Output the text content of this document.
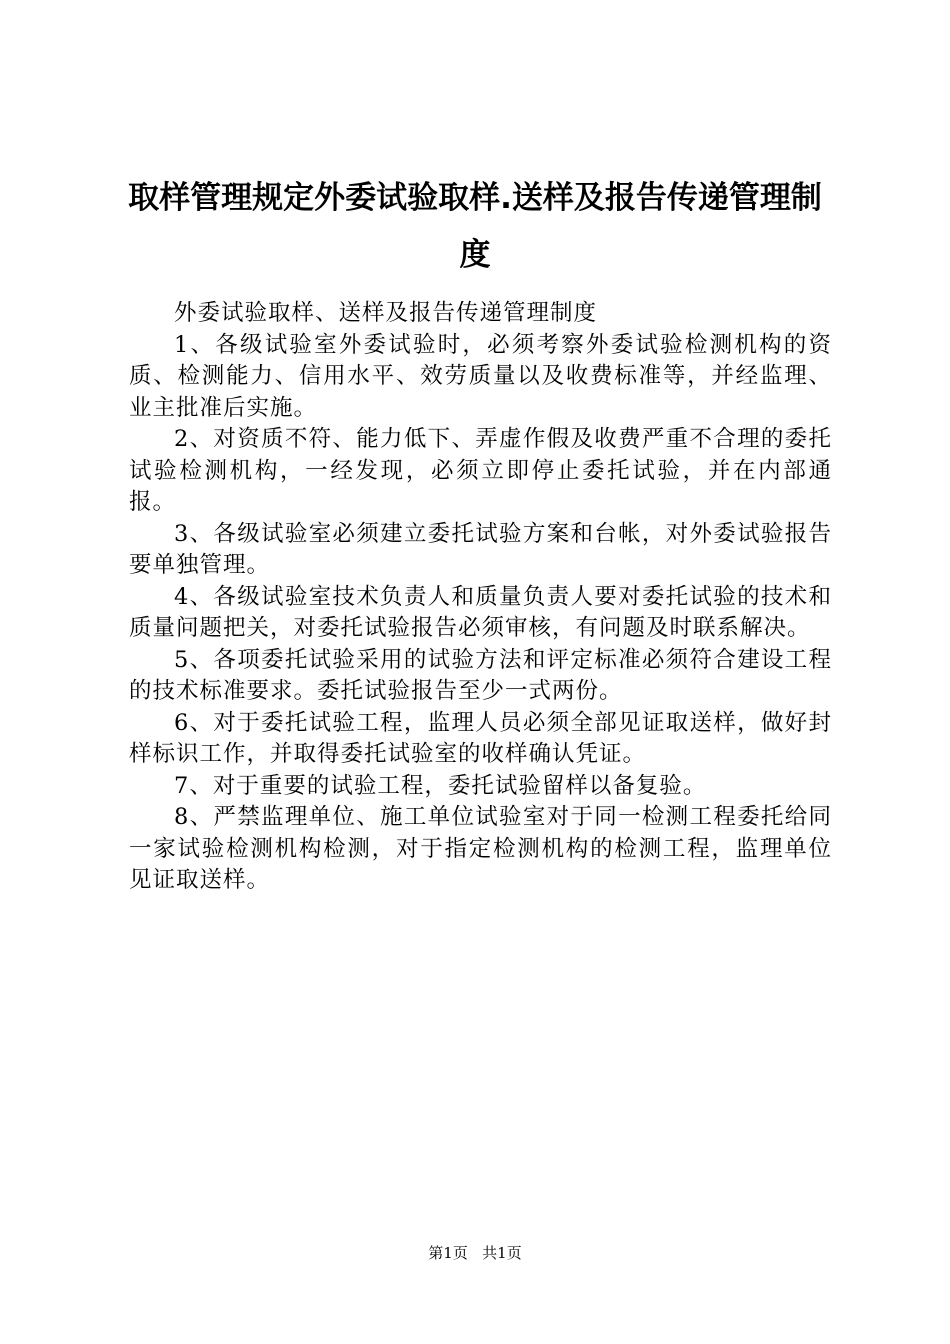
取样管理规定外委试验取样.送样及报告传递管理制度

外委试验取样、送样及报告传递管理制度

1、各级试验室外委试验时，必须考察外委试验检测机构的资质、检测能力、信用水平、效劳质量以及收费标准等，并经监理、业主批准后实施。

2、对资质不符、能力低下、弄虚作假及收费严重不合理的委托试验检测机构，一经发现，必须立即停止委托试验，并在内部通报。

3、各级试验室必须建立委托试验方案和台帐，对外委试验报告要单独管理。

4、各级试验室技术负责人和质量负责人要对委托试验的技术和质量问题把关，对委托试验报告必须审核，有问题及时联系解决。

5、各项委托试验采用的试验方法和评定标准必须符合建设工程的技术标准要求。委托试验报告至少一式两份。

6、对于委托试验工程，监理人员必须全部见证取送样，做好封样标识工作，并取得委托试验室的收样确认凭证。

7、对于重要的试验工程，委托试验留样以备复验。

8、严禁监理单位、施工单位试验室对于同一检测工程委托给同一家试验检测机构检测，对于指定检测机构的检测工程，监理单位见证取送样。

第1页 共1页
